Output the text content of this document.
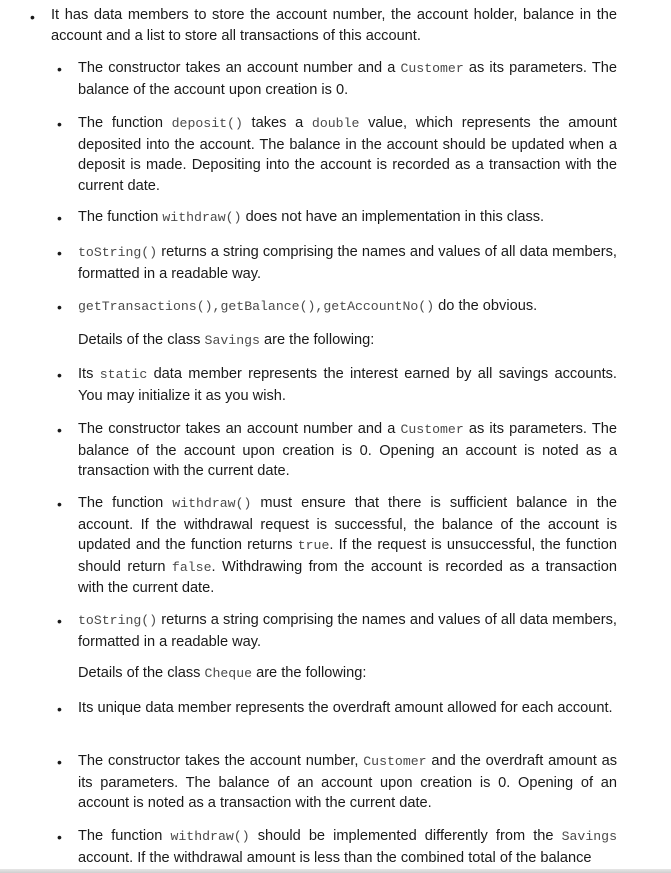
• It has data members to store the account number, the account holder, balance in the account and a list to store all transactions of this account.
• The constructor takes an account number and a Customer as its parameters. The balance of the account upon creation is 0.
• The function deposit() takes a double value, which represents the amount deposited into the account. The balance in the account should be updated when a deposit is made. Depositing into the account is recorded as a transaction with the current date.
• The function withdraw() does not have an implementation in this class.
• toString() returns a string comprising the names and values of all data members, formatted in a readable way.
• getTransactions(),getBalance(),getAccountNo() do the obvious.
Details of the class Savings are the following:
• Its static data member represents the interest earned by all savings accounts. You may initialize it as you wish.
• The constructor takes an account number and a Customer as its parameters. The balance of the account upon creation is 0. Opening an account is noted as a transaction with the current date.
• The function withdraw() must ensure that there is sufficient balance in the account. If the withdrawal request is successful, the balance of the account is updated and the function returns true. If the request is unsuccessful, the function should return false. Withdrawing from the account is recorded as a transaction with the current date.
• toString() returns a string comprising the names and values of all data members, formatted in a readable way.
Details of the class Cheque are the following:
• Its unique data member represents the overdraft amount allowed for each account.
• The constructor takes the account number, Customer and the overdraft amount as its parameters. The balance of an account upon creation is 0. Opening of an account is noted as a transaction with the current date.
• The function withdraw() should be implemented differently from the Savings account. If the withdrawal amount is less than the combined total of the balance
